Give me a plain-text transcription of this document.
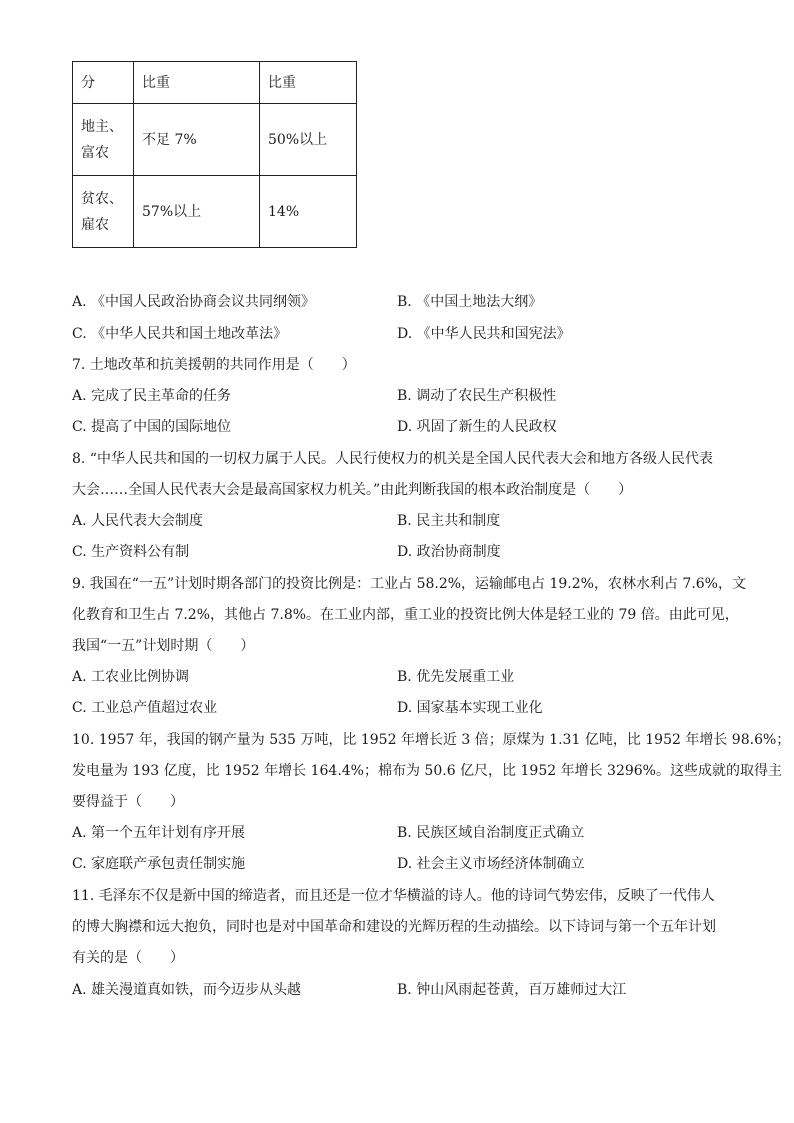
分	比重	比重
地主、
富农	不足 7%	50%以上
贫农、
雇农	57%以上	14%
A. 《中国人民政治协商会议共同纲领》	B. 《中国土地法大纲》
C. 《中华人民共和国土地改革法》	D. 《中华人民共和国宪法》
7. 土地改革和抗美援朝的共同作用是（　　）
A. 完成了民主革命的任务	B. 调动了农民生产积极性
C. 提高了中国的国际地位	D. 巩固了新生的人民政权
8. “中华人民共和国的一切权力属于人民。人民行使权力的机关是全国人民代表大会和地方各级人民代表
大会……全国人民代表大会是最高国家权力机关。”由此判断我国的根本政治制度是（　　）
A. 人民代表大会制度	B. 民主共和制度
C. 生产资料公有制	D. 政治协商制度
9. 我国在“一五”计划时期各部门的投资比例是：工业占 58.2%，运输邮电占 19.2%，农林水利占 7.6%，文
化教育和卫生占 7.2%，其他占 7.8%。在工业内部，重工业的投资比例大体是轻工业的 79 倍。由此可见，
我国“一五”计划时期（　　）
A. 工农业比例协调	B. 优先发展重工业
C. 工业总产值超过农业	D. 国家基本实现工业化
10. 1957 年，我国的钢产量为 535 万吨，比 1952 年增长近 3 倍；原煤为 1.31 亿吨，比 1952 年增长 98.6%；
发电量为 193 亿度，比 1952 年增长 164.4%；棉布为 50.6 亿尺，比 1952 年增长 3296%。这些成就的取得主
要得益于（　　）
A. 第一个五年计划有序开展	B. 民族区域自治制度正式确立
C. 家庭联产承包责任制实施	D. 社会主义市场经济体制确立
11. 毛泽东不仅是新中国的缔造者，而且还是一位才华横溢的诗人。他的诗词气势宏伟，反映了一代伟人
的博大胸襟和远大抱负，同时也是对中国革命和建设的光辉历程的生动描绘。以下诗词与第一个五年计划
有关的是（　　）
A. 雄关漫道真如铁，而今迈步从头越	B. 钟山风雨起苍黄，百万雄师过大江
